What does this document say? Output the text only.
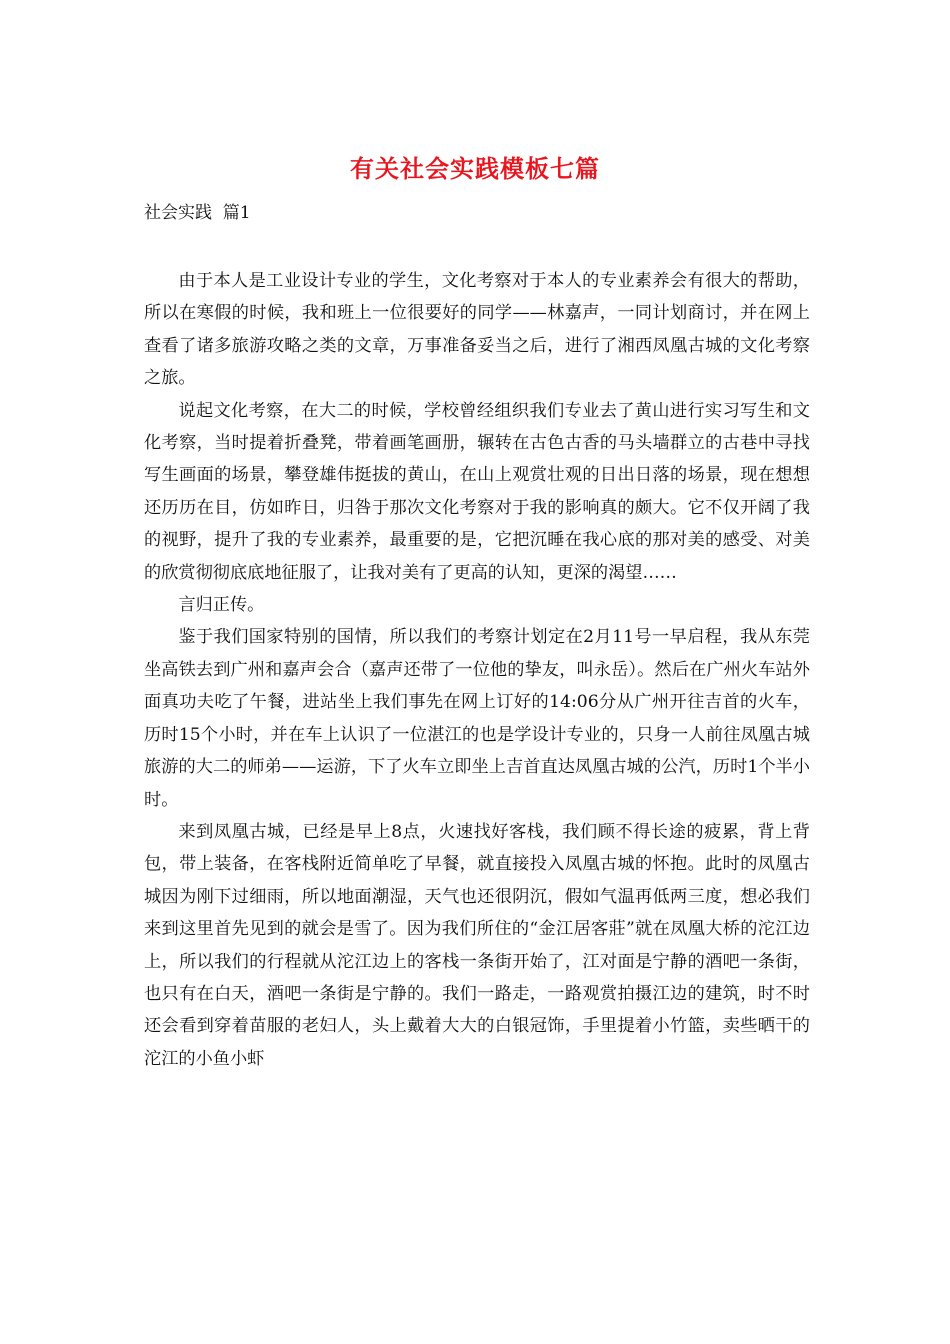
有关社会实践模板七篇
社会实践  篇1

由于本人是工业设计专业的学生，文化考察对于本人的专业素养会有很大的帮助，所以在寒假的时候，我和班上一位很要好的同学——林嘉声，一同计划商讨，并在网上查看了诸多旅游攻略之类的文章，万事准备妥当之后，进行了湘西凤凰古城的文化考察之旅。

说起文化考察，在大二的时候，学校曾经组织我们专业去了黄山进行实习写生和文化考察，当时提着折叠凳，带着画笔画册，辗转在古色古香的马头墙群立的古巷中寻找写生画面的场景，攀登雄伟挺拔的黄山，在山上观赏壮观的日出日落的场景，现在想想还历历在目，仿如昨日，归咎于那次文化考察对于我的影响真的颇大。它不仅开阔了我的视野，提升了我的专业素养，最重要的是，它把沉睡在我心底的那对美的感受、对美的欣赏彻彻底底地征服了，让我对美有了更高的认知，更深的渴望……

言归正传。

鉴于我们国家特别的国情，所以我们的考察计划定在2月11号一早启程，我从东莞坐高铁去到广州和嘉声会合（嘉声还带了一位他的挚友，叫永岳）。然后在广州火车站外面真功夫吃了午餐，进站坐上我们事先在网上订好的14:06分从广州开往吉首的火车，历时15个小时，并在车上认识了一位湛江的也是学设计专业的，只身一人前往凤凰古城旅游的大二的师弟——运游，下了火车立即坐上吉首直达凤凰古城的公汽，历时1个半小时。

来到凤凰古城，已经是早上8点，火速找好客栈，我们顾不得长途的疲累，背上背包，带上装备，在客栈附近简单吃了早餐，就直接投入凤凰古城的怀抱。此时的凤凰古城因为刚下过细雨，所以地面潮湿，天气也还很阴沉，假如气温再低两三度，想必我们来到这里首先见到的就会是雪了。因为我们所住的“金江居客莊”就在凤凰大桥的沱江边上，所以我们的行程就从沱江边上的客栈一条街开始了，江对面是宁静的酒吧一条街，也只有在白天，酒吧一条街是宁静的。我们一路走，一路观赏拍摄江边的建筑，时不时还会看到穿着苗服的老妇人，头上戴着大大的白银冠饰，手里提着小竹篮，卖些晒干的沱江的小鱼小虾
